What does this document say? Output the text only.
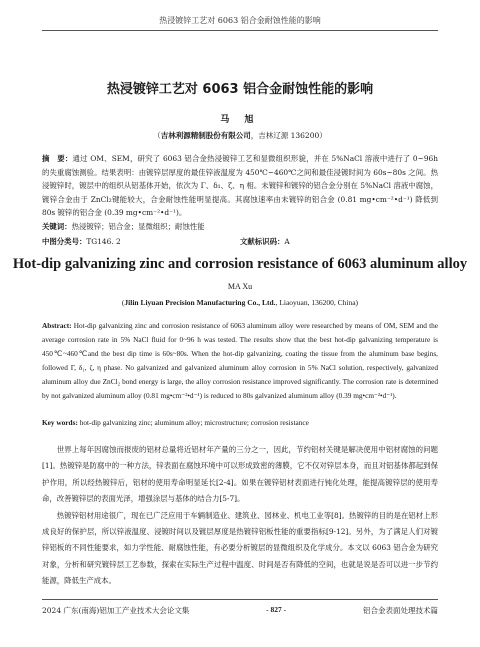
热浸镀锌工艺对 6063 铝合金耐蚀性能的影响
热浸镀锌工艺对 6063 铝合金耐蚀性能的影响
马 旭
（吉林利源精制股份有限公司，吉林辽源 136200）
摘　要：通过 OM、SEM，研究了 6063 铝合金热浸镀锌工艺和显微组织形貌，并在 5%NaCl 溶液中进行了 0~96h 的失重腐蚀测验。结果表明：由镀锌层厚度的最佳锌液温度为 450℃~460℃之间和最佳浸镀时间为 60s~80s 之间。热浸镀锌时，镀层中的组织从铝基体开始，依次为 Γ、δ₁、ζ、η 相。未镀锌和镀锌的铝合金分别在 5%NaCl 溶液中腐蚀，镀锌合金由于 ZnCl₂键能较大，合金耐蚀性能明显提高。其腐蚀速率由未镀锌的铝合金 (0.81 mg•cm⁻²•d⁻¹) 降低到 80s 镀锌的铝合金 (0.39 mg•cm⁻²•d⁻¹)。
关键词：热浸镀锌；铝合金；显微组织；耐蚀性能
中图分类号：TG146. 2	文献标识码：A
Hot-dip galvanizing zinc and corrosion resistance of 6063 aluminum alloy
MA Xu
(Jilin Liyuan Precision Manufacturing Co., Ltd., Liaoyuan, 136200, China)
Abstract: Hot-dip galvanizing zinc and corrosion resistance of 6063 aluminum alloy were researched by means of OM, SEM and the average corrosion rate in 5% NaCl fluid for 0~96 h was tested. The results show that the best hot-dip galvanizing temperature is 450℃~460℃and the best dip time is 60s~80s. When the hot-dip galvanizing, coating the tissue from the aluminum base begins, followed Γ, δ₁, ζ, η phase. No galvanized and galvanized aluminum alloy corrosion in 5% NaCl solution, respectively, galvanized aluminum alloy due ZnCl₂ bond energy is large, the alloy corrosion resistance improved significantly. The corrosion rate is determined by not galvanized aluminum alloy (0.81 mg•cm⁻²•d⁻¹) is reduced to 80s galvanized aluminum alloy (0.39 mg•cm⁻²•d⁻¹).
Key words: hot-dip galvanizing zinc; aluminum alloy; microstructure; corrosion resistance

世界上每年因腐蚀而报废的铝材总量将近铝材年产量的三分之一，因此，节约铝材关键是解决使用中铝材腐蚀的问题[1]。热镀锌是防腐中的一种方法，锌表面在腐蚀环境中可以形成致密的薄膜，它不仅对锌层本身，而且对铝基体都起到保护作用，所以经热镀锌后，铝材的使用寿命明显延长[2-4]。如果在镀锌铝材表面进行钝化处理，能提高镀锌层的使用寿命，改善镀锌层的表面光泽，增强涂层与基体的结合力[5-7]。

热镀锌铝材用途很广，现在已广泛应用于车辆制造业、建筑业、园林业、机电工业等[8]。热镀锌的目的是在铝材上形成良好的保护层，所以锌液温度、浸镀时间以及镀层厚度是热镀锌铝板性能的重要指标[9-12]。另外，为了满足人们对镀锌铝板的不同性能要求，如力学性能、耐腐蚀性能，有必要分析镀层的显微组织及化学成分。本文以 6063 铝合金为研究对象，分析和研究镀锌层工艺参数，探索在实际生产过程中温度、时间是否有降低的空间，也就是说是否可以进一步节约能源，降低生产成本。

2024 广东(南海)铝加工产业技术大会论文集	- 827 -	铝合金表面处理技术篇
